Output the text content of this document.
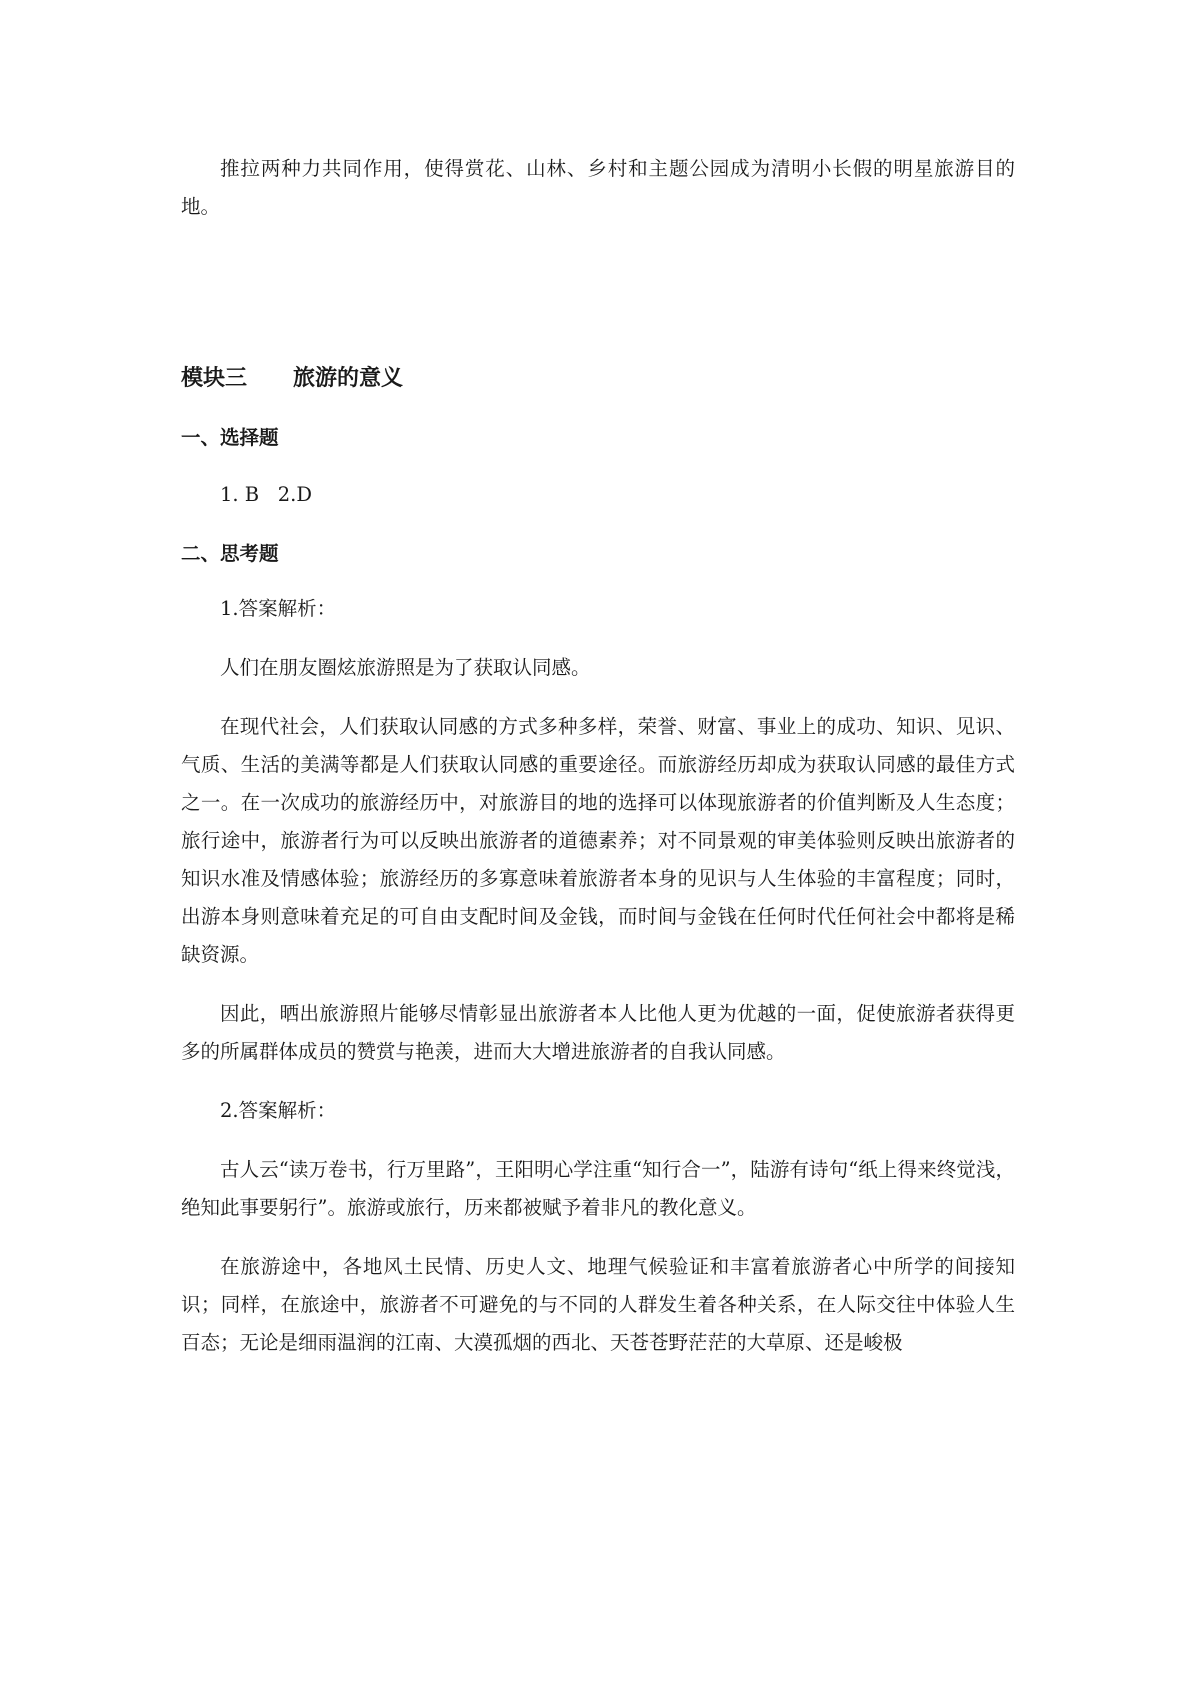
推拉两种力共同作用，使得赏花、山林、乡村和主题公园成为清明小长假的明星旅游目的地。

模块三 旅游的意义
一、选择题

1. B   2.D

二、思考题

1.答案解析：

人们在朋友圈炫旅游照是为了获取认同感。

在现代社会，人们获取认同感的方式多种多样，荣誉、财富、事业上的成功、知识、见识、气质、生活的美满等都是人们获取认同感的重要途径。而旅游经历却成为获取认同感的最佳方式之一。在一次成功的旅游经历中，对旅游目的地的选择可以体现旅游者的价值判断及人生态度；旅行途中，旅游者行为可以反映出旅游者的道德素养；对不同景观的审美体验则反映出旅游者的知识水准及情感体验；旅游经历的多寡意味着旅游者本身的见识与人生体验的丰富程度；同时，出游本身则意味着充足的可自由支配时间及金钱，而时间与金钱在任何时代任何社会中都将是稀缺资源。

因此，晒出旅游照片能够尽情彰显出旅游者本人比他人更为优越的一面，促使旅游者获得更多的所属群体成员的赞赏与艳羡，进而大大增进旅游者的自我认同感。

2.答案解析：

古人云“读万卷书，行万里路”，王阳明心学注重“知行合一”，陆游有诗句“纸上得来终觉浅，绝知此事要躬行”。旅游或旅行，历来都被赋予着非凡的教化意义。

在旅游途中，各地风土民情、历史人文、地理气候验证和丰富着旅游者心中所学的间接知识；同样，在旅途中，旅游者不可避免的与不同的人群发生着各种关系，在人际交往中体验人生百态；无论是细雨温润的江南、大漠孤烟的西北、天苍苍野茫茫的大草原、还是峻极
